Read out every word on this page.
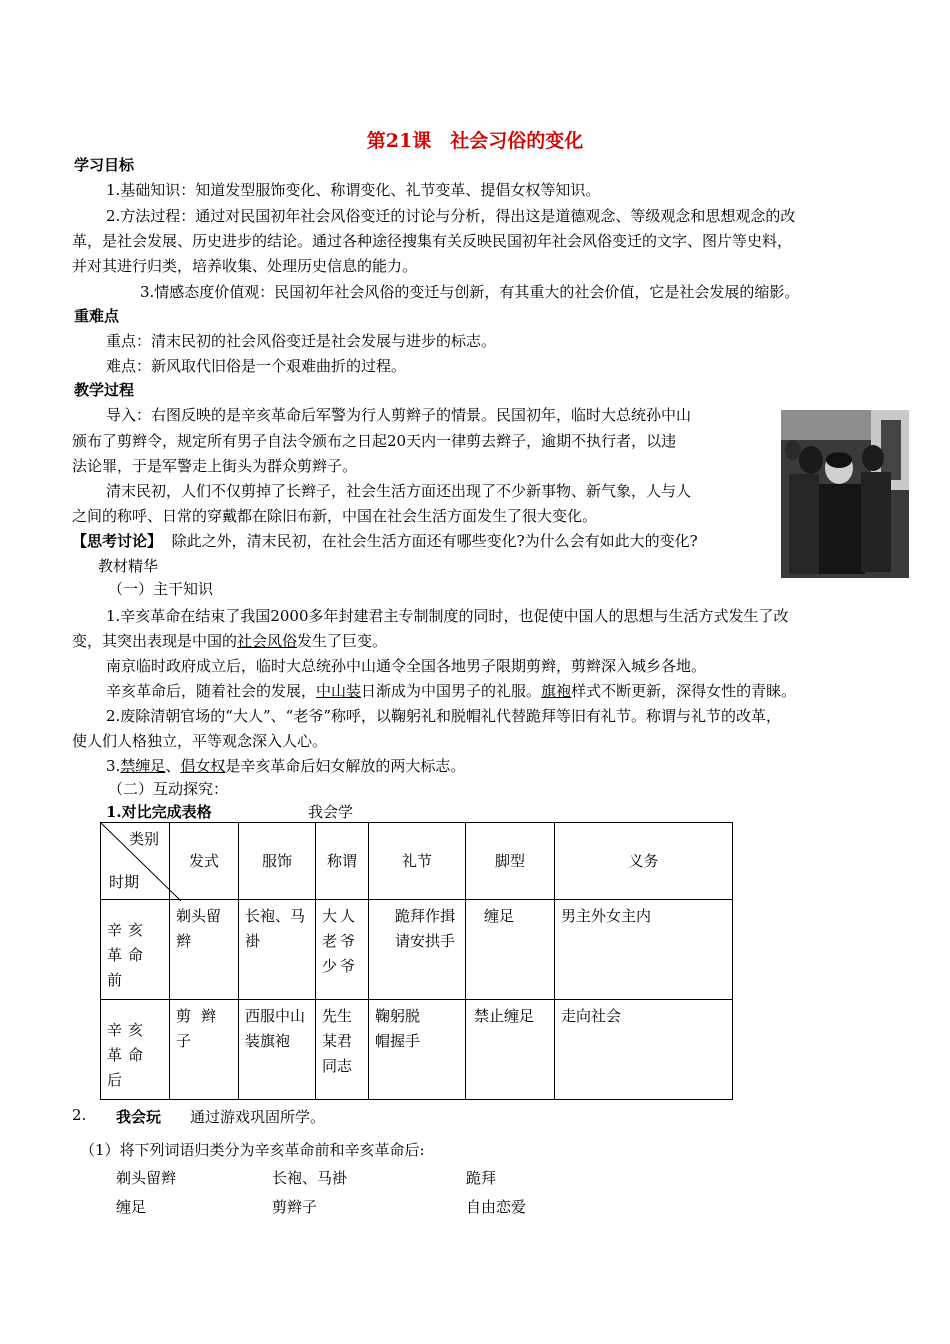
第21课　社会习俗的变化
学习目标
1.基础知识：知道发型服饰变化、称谓变化、礼节变革、提倡女权等知识。
2.方法过程：通过对民国初年社会风俗变迁的讨论与分析，得出这是道德观念、等级观念和思想观念的改
革，是社会发展、历史进步的结论。通过各种途径搜集有关反映民国初年社会风俗变迁的文字、图片等史料，
并对其进行归类，培养收集、处理历史信息的能力。
3.情感态度价值观：民国初年社会风俗的变迁与创新，有其重大的社会价值，它是社会发展的缩影。
重难点
重点：清末民初的社会风俗变迁是社会发展与进步的标志。
难点：新风取代旧俗是一个艰难曲折的过程。
教学过程
导入：右图反映的是辛亥革命后军警为行人剪辫子的情景。民国初年，临时大总统孙中山
颁布了剪辫令，规定所有男子自法令颁布之日起20天内一律剪去辫子，逾期不执行者，以违
法论罪，于是军警走上街头为群众剪辫子。
清末民初，人们不仅剪掉了长辫子，社会生活方面还出现了不少新事物、新气象，人与人
之间的称呼、日常的穿戴都在除旧布新，中国在社会生活方面发生了很大变化。
【思考讨论】 除此之外，清末民初，在社会生活方面还有哪些变化?为什么会有如此大的变化?
教材精华
（一）主干知识
1.辛亥革命在结束了我国2000多年封建君主专制制度的同时，也促使中国人的思想与生活方式发生了改
变，其突出表现是中国的社会风俗发生了巨变。
南京临时政府成立后，临时大总统孙中山通令全国各地男子限期剪辫，剪辫深入城乡各地。
辛亥革命后，随着社会的发展，中山装日渐成为中国男子的礼服。旗袍样式不断更新，深得女性的青睐。
2.废除清朝官场的“大人”、“老爷”称呼，以鞠躬礼和脱帽礼代替跪拜等旧有礼节。称谓与礼节的改革，
使人们人格独立，平等观念深入人心。
3.禁缠足、倡女权是辛亥革命后妇女解放的两大标志。
（二）互动探究：
1.对比完成表格	我会学
类别
时期	发式	服饰	称谓	礼节	脚型	义务
辛亥革命前	剃头留辫	长袍、马褂	大人老爷少爷	跪拜作揖请安拱手	缠足	男主外女主内
辛亥革命后	剪辫子	西服中山装旗袍	先生某君同志	鞠躬脱帽握手	禁止缠足	走向社会
2. 我会玩 通过游戏巩固所学。
（1）将下列词语归类分为辛亥革命前和辛亥革命后:
剃头留辫	长袍、马褂	跪拜
缠足	剪辫子	自由恋爱
